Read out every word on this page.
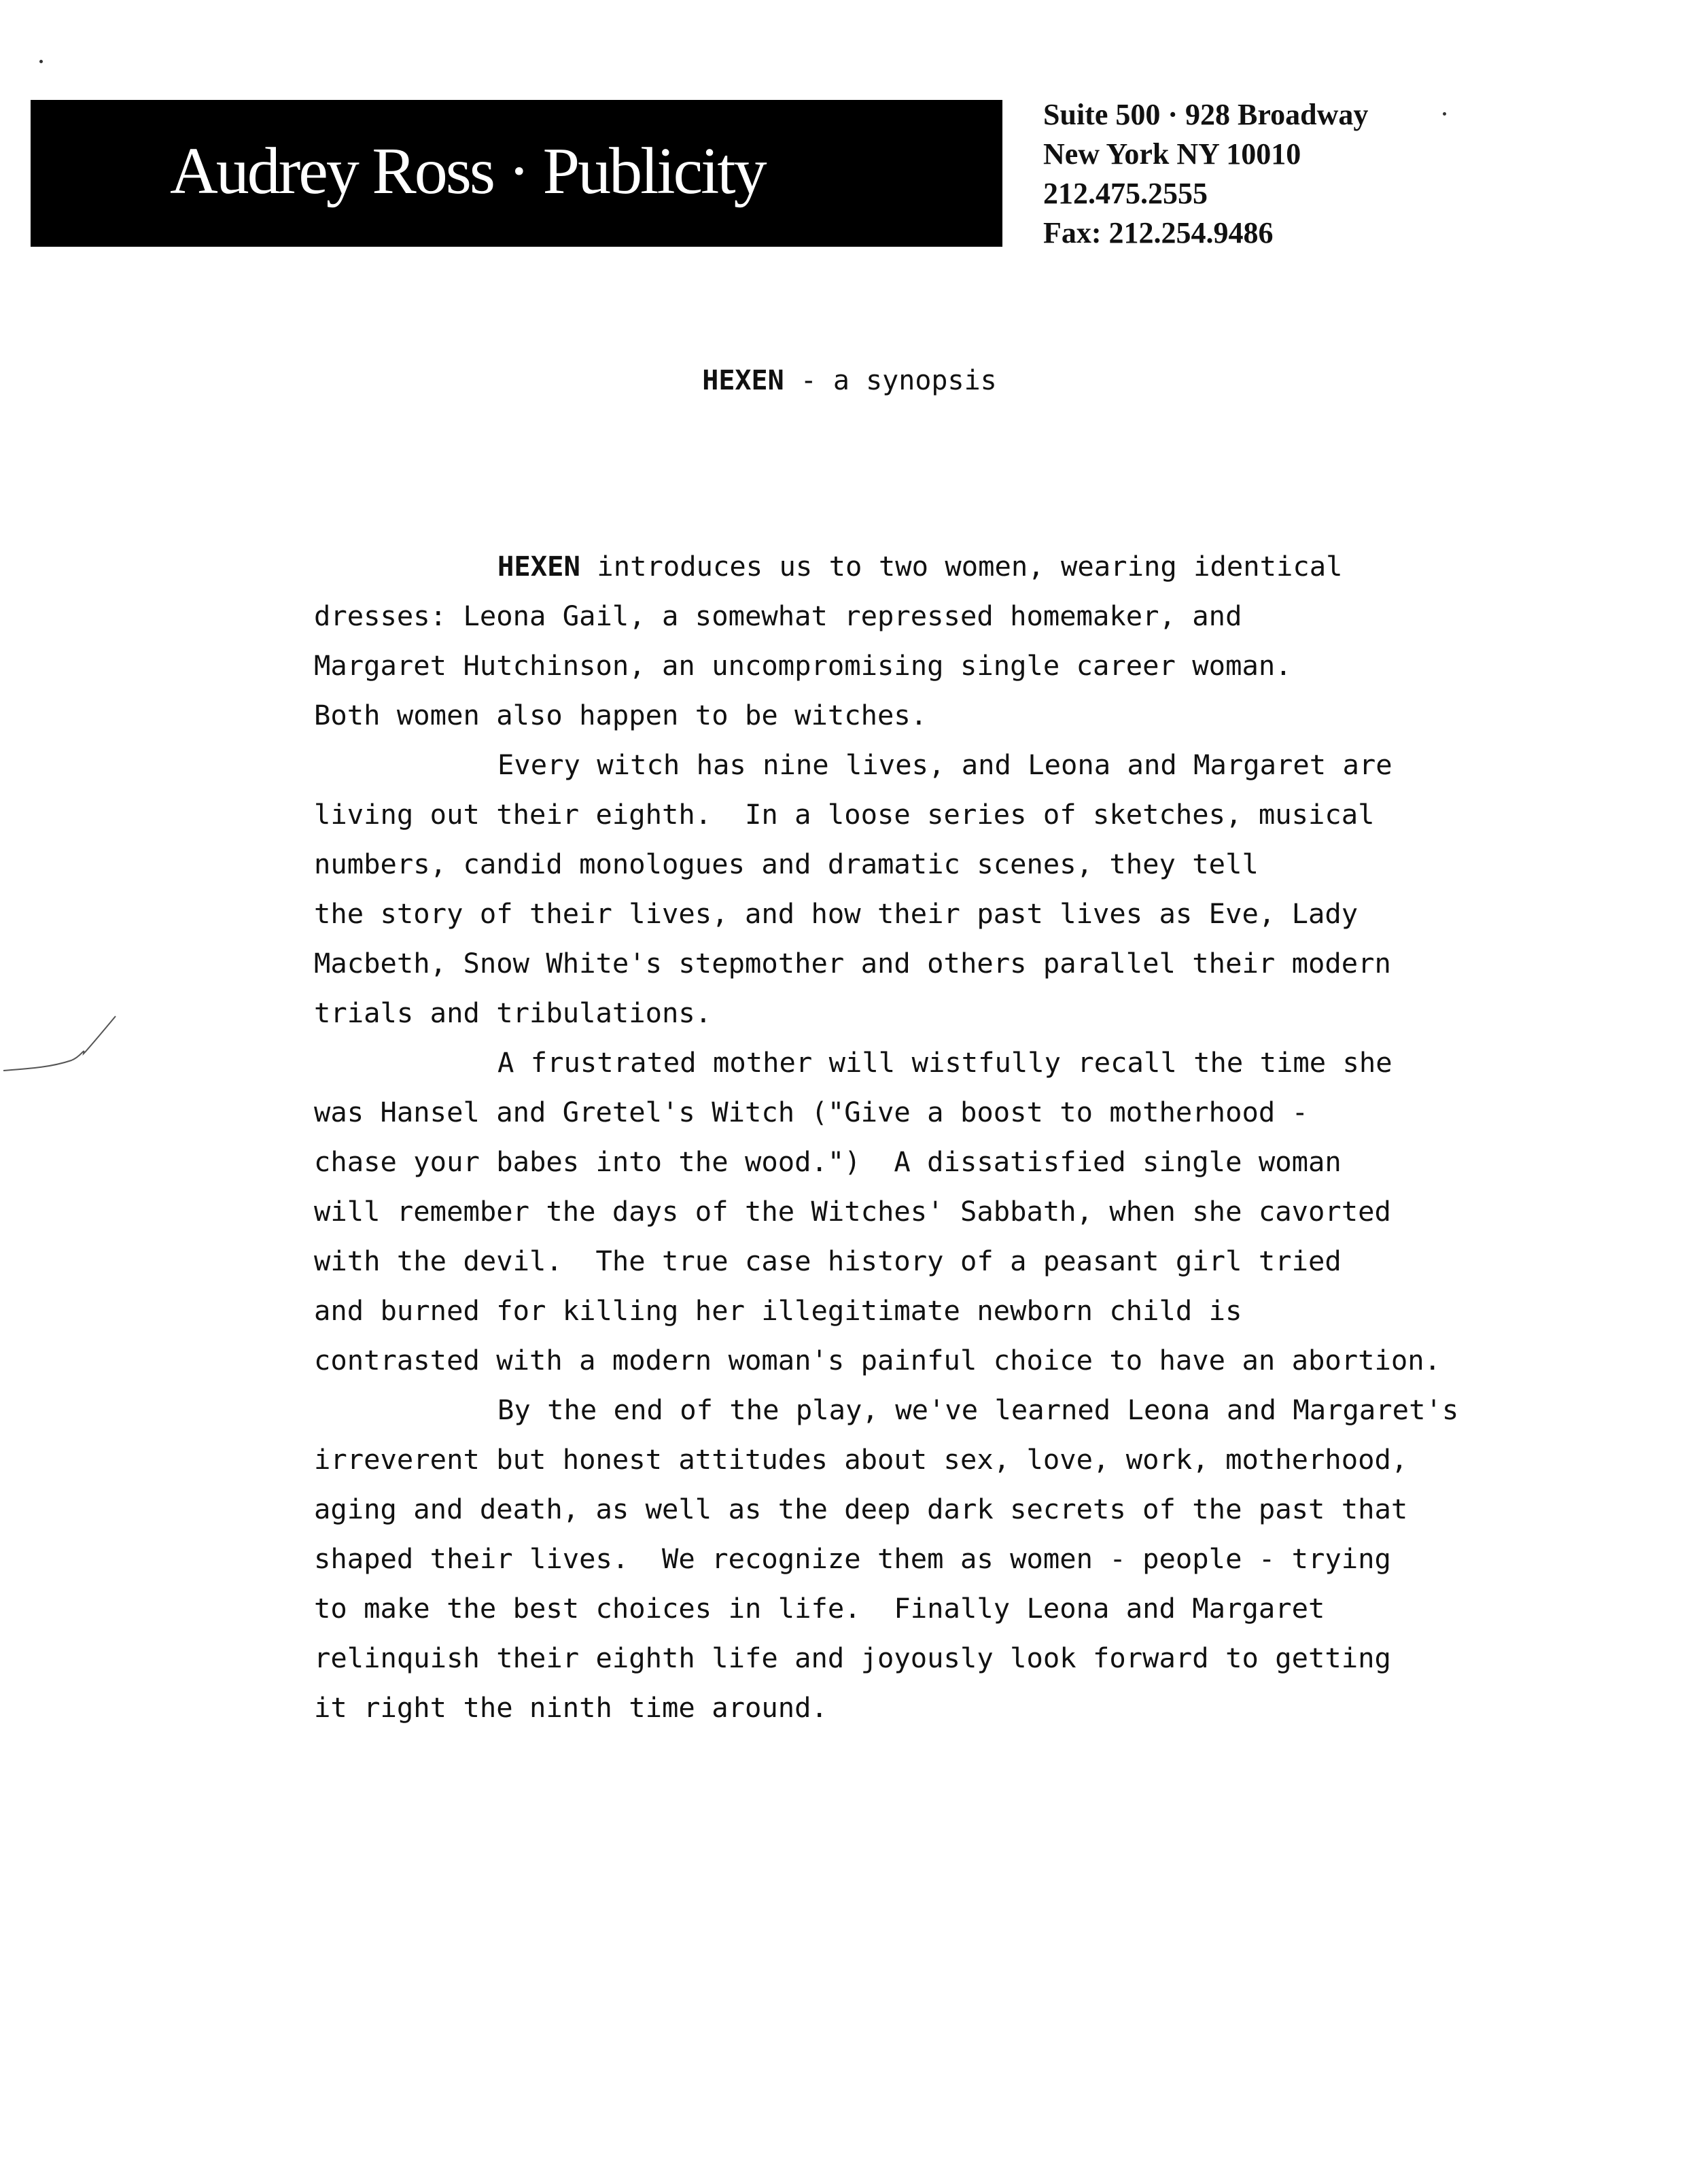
Audrey Ross · Publicity
Suite 500 · 928 Broadway
New York NY 10010
212.475.2555
Fax: 212.254.9486
HEXEN - a synopsis
HEXEN introduces us to two women, wearing identical
dresses: Leona Gail, a somewhat repressed homemaker, and
Margaret Hutchinson, an uncompromising single career woman.
Both women also happen to be witches.
Every witch has nine lives, and Leona and Margaret are
living out their eighth.  In a loose series of sketches, musical
numbers, candid monologues and dramatic scenes, they tell
the story of their lives, and how their past lives as Eve, Lady
Macbeth, Snow White's stepmother and others parallel their modern
trials and tribulations.
A frustrated mother will wistfully recall the time she
was Hansel and Gretel's Witch ("Give a boost to motherhood -
chase your babes into the wood.")  A dissatisfied single woman
will remember the days of the Witches' Sabbath, when she cavorted
with the devil.  The true case history of a peasant girl tried
and burned for killing her illegitimate newborn child is
contrasted with a modern woman's painful choice to have an abortion.
By the end of the play, we've learned Leona and Margaret's
irreverent but honest attitudes about sex, love, work, motherhood,
aging and death, as well as the deep dark secrets of the past that
shaped their lives.  We recognize them as women - people - trying
to make the best choices in life.  Finally Leona and Margaret
relinquish their eighth life and joyously look forward to getting
it right the ninth time around.
